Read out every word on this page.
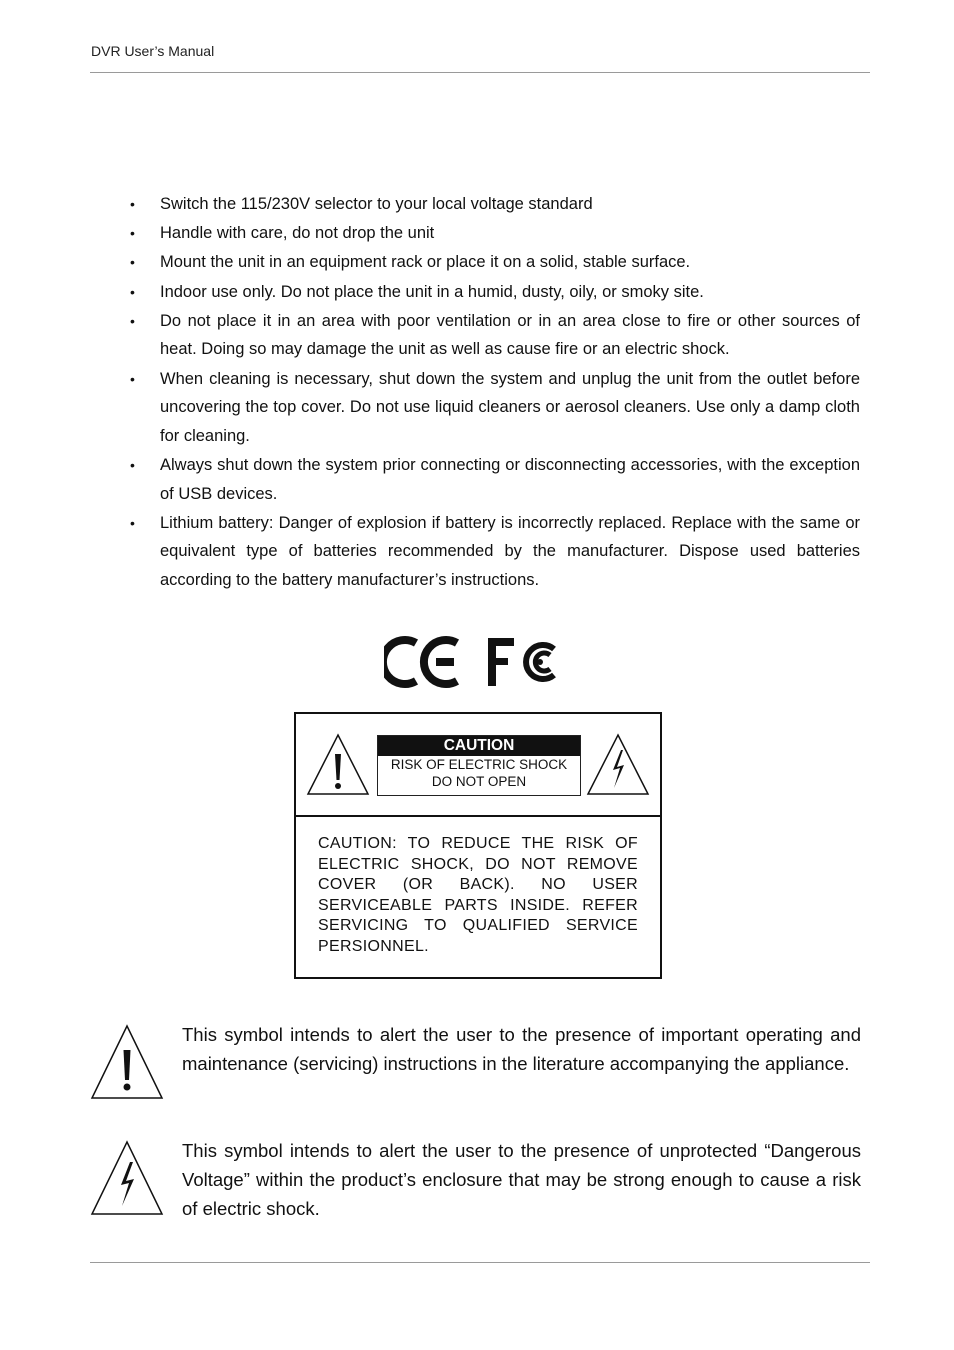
DVR User’s Manual
• Switch the 115/230V selector to your local voltage standard
• Handle with care, do not drop the unit
• Mount the unit in an equipment rack or place it on a solid, stable surface.
• Indoor use only. Do not place the unit in a humid, dusty, oily, or smoky site.
• Do not place it in an area with poor ventilation or in an area close to fire or other sources of heat. Doing so may damage the unit as well as cause fire or an electric shock.
• When cleaning is necessary, shut down the system and unplug the unit from the outlet before uncovering the top cover. Do not use liquid cleaners or aerosol cleaners. Use only a damp cloth for cleaning.
• Always shut down the system prior connecting or disconnecting accessories, with the exception of USB devices.
• Lithium battery: Danger of explosion if battery is incorrectly replaced. Replace with the same or equivalent type of batteries recommended by the manufacturer. Dispose used batteries according to the battery manufacturer’s instructions.
CAUTION
RISK OF ELECTRIC SHOCK
DO NOT OPEN
CAUTION: TO REDUCE THE RISK OF
ELECTRIC SHOCK, DO NOT REMOVE
COVER (OR BACK). NO USER
SERVICEABLE PARTS INSIDE. REFER
SERVICING TO QUALIFIED SERVICE
PERSIONNEL.

This symbol intends to alert the user to the presence of important operating and maintenance (servicing) instructions in the literature accompanying the appliance.

This symbol intends to alert the user to the presence of unprotected “Dangerous Voltage” within the product’s enclosure that may be strong enough to cause a risk of electric shock.
